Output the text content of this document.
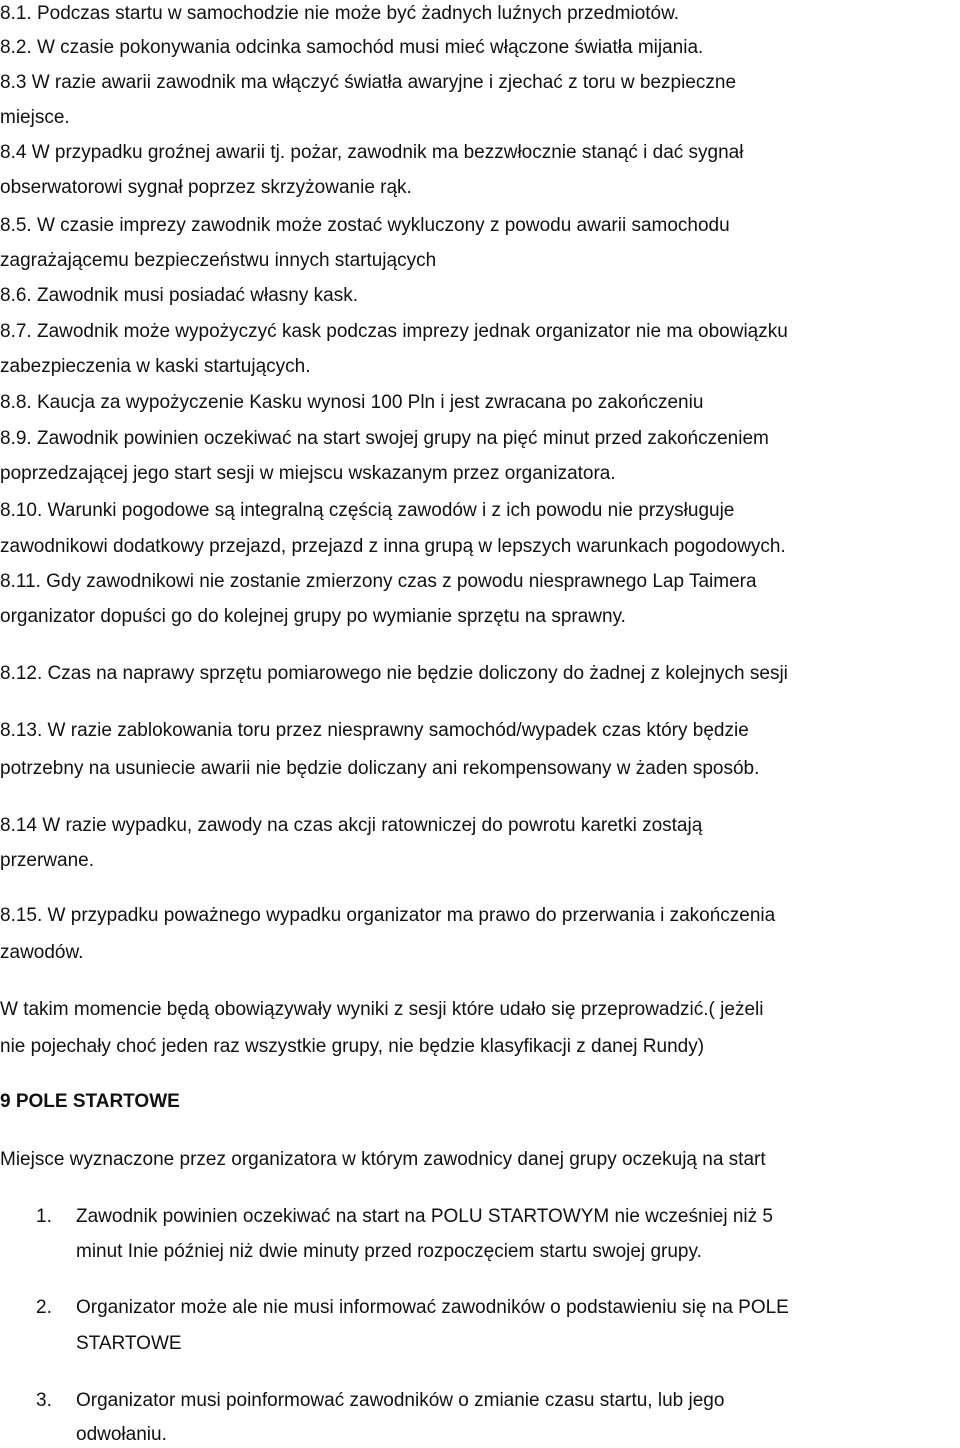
8.1. Podczas startu w samochodzie nie może być żadnych luźnych przedmiotów.
8.2. W czasie pokonywania odcinka samochód musi mieć włączone światła mijania.
8.3 W razie awarii zawodnik ma włączyć światła awaryjne i zjechać z toru w bezpieczne
miejsce.
8.4 W przypadku groźnej awarii tj. pożar, zawodnik ma bezzwłocznie stanąć i dać sygnał
obserwatorowi sygnał poprzez skrzyżowanie rąk.
8.5. W czasie imprezy zawodnik może zostać wykluczony z powodu awarii samochodu
zagrażającemu bezpieczeństwu innych startujących
8.6. Zawodnik musi posiadać własny kask.
8.7. Zawodnik może wypożyczyć kask podczas imprezy jednak organizator nie ma obowiązku
zabezpieczenia w kaski startujących.
8.8. Kaucja za wypożyczenie Kasku wynosi 100 Pln i jest zwracana po zakończeniu
8.9. Zawodnik powinien oczekiwać na start swojej grupy na pięć minut przed zakończeniem
poprzedzającej jego start sesji w miejscu wskazanym przez organizatora.
8.10. Warunki pogodowe są integralną częścią zawodów i z ich powodu nie przysługuje
zawodnikowi dodatkowy przejazd, przejazd z inna grupą w lepszych warunkach pogodowych.
8.11. Gdy zawodnikowi nie zostanie zmierzony czas z powodu niesprawnego Lap Taimera
organizator dopuści go do kolejnej grupy po wymianie sprzętu na sprawny.
8.12. Czas na naprawy sprzętu pomiarowego nie będzie doliczony do żadnej z kolejnych sesji
8.13. W razie zablokowania toru przez niesprawny samochód/wypadek czas który będzie
potrzebny na usuniecie awarii nie będzie doliczany ani rekompensowany w żaden sposób.
8.14 W razie wypadku, zawody na czas akcji ratowniczej do powrotu karetki zostają
przerwane.
8.15. W przypadku poważnego wypadku organizator ma prawo do przerwania i zakończenia
zawodów.
W takim momencie będą obowiązywały wyniki z sesji które udało się przeprowadzić.( jeżeli
nie pojechały choć jeden raz wszystkie grupy, nie będzie klasyfikacji z danej Rundy)
9 POLE STARTOWE
Miejsce wyznaczone przez organizatora w którym zawodnicy danej grupy oczekują na start
1. Zawodnik powinien oczekiwać na start na POLU STARTOWYM nie wcześniej niż 5
minut Inie później niż dwie minuty przed rozpoczęciem startu swojej grupy.
2. Organizator może ale nie musi informować zawodników o podstawieniu się na POLE
STARTOWE
3. Organizator musi poinformować zawodników o zmianie czasu startu, lub jego
odwołaniu.
